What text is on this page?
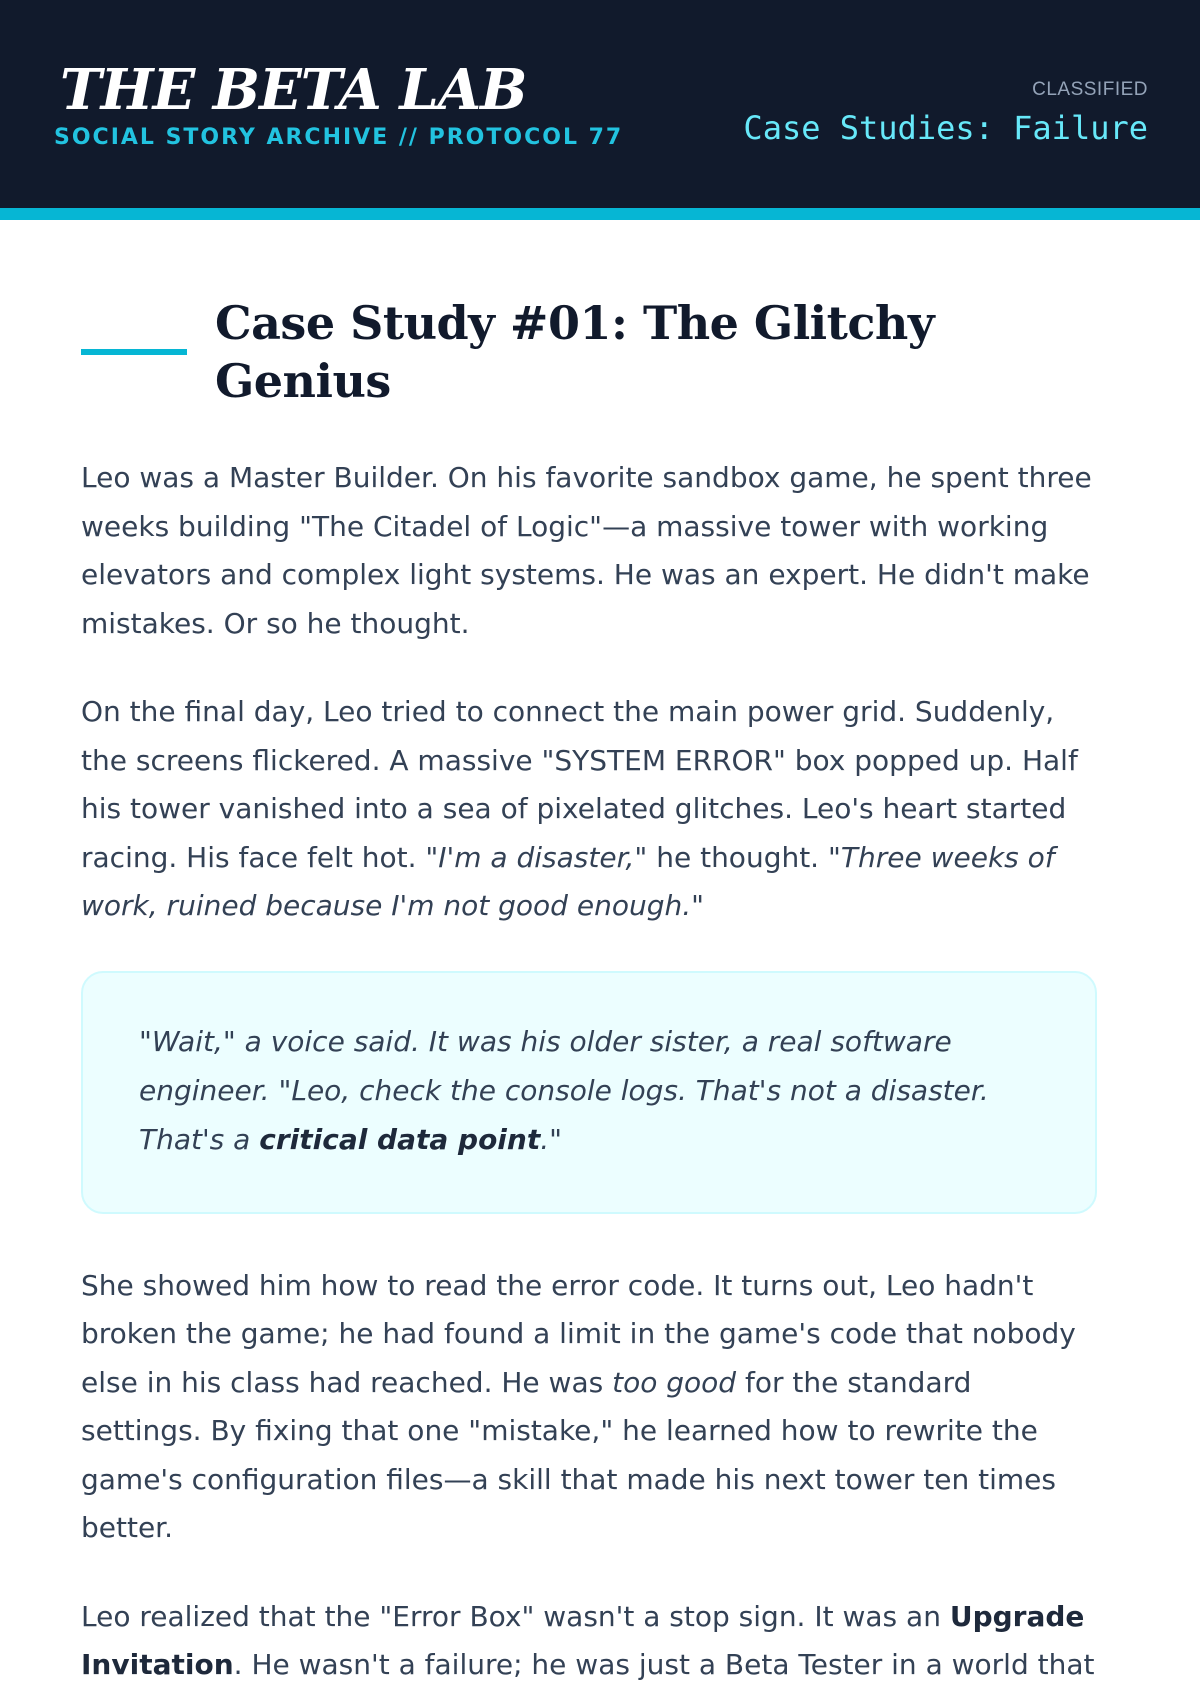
THE BETA LAB
SOCIAL STORY ARCHIVE // PROTOCOL 77
CLASSIFIED
Case Studies: Failure
Case Study #01: The Glitchy Genius

Leo was a Master Builder. On his favorite sandbox game, he spent three weeks building "The Citadel of Logic"—a massive tower with working elevators and complex light systems. He was an expert. He didn't make mistakes. Or so he thought.

On the final day, Leo tried to connect the main power grid. Suddenly, the screens flickered. A massive "SYSTEM ERROR" box popped up. Half his tower vanished into a sea of pixelated glitches. Leo's heart started racing. His face felt hot. "I'm a disaster," he thought. "Three weeks of work, ruined because I'm not good enough."

"Wait," a voice said. It was his older sister, a real software engineer. "Leo, check the console logs. That's not a disaster. That's a critical data point."

She showed him how to read the error code. It turns out, Leo hadn't broken the game; he had found a limit in the game's code that nobody else in his class had reached. He was too good for the standard settings. By fixing that one "mistake," he learned how to rewrite the game's configuration files—a skill that made his next tower ten times better.

Leo realized that the "Error Box" wasn't a stop sign. It was an Upgrade Invitation. He wasn't a failure; he was just a Beta Tester in a world that
